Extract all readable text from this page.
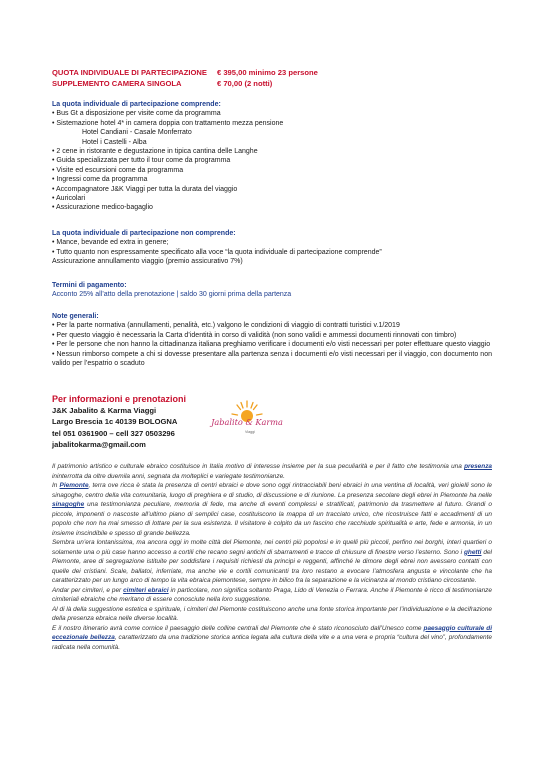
QUOTA INDIVIDUALE DI PARTECIPAZIONE	€ 395,00 minimo 23 persone
SUPPLEMENTO CAMERA SINGOLA	€ 70,00 (2 notti)
La quota individuale di partecipazione comprende:
• Bus Gt a disposizione per visite come da programma
• Sistemazione hotel 4* in camera doppia con trattamento mezza pensione
Hotel Candiani - Casale Monferrato
Hotel i Castelli - Alba
• 2 cene in ristorante e degustazione in tipica cantina delle Langhe
• Guida specializzata per tutto il tour come da programma
• Visite ed escursioni come da programma
• Ingressi come da programma
• Accompagnatore J&K Viaggi per tutta la durata del viaggio
• Auricolari
• Assicurazione medico-bagaglio
La quota individuale di partecipazione non comprende:
• Mance, bevande ed extra in genere;
• Tutto quanto non espressamente specificato alla voce “la quota individuale di partecipazione comprende”
Assicurazione annullamento viaggio (premio assicurativo 7%)
Termini di pagamento:
Acconto 25% all’atto della prenotazione | saldo 30 giorni prima della partenza
Note generali:
• Per la parte normativa (annullamenti, penalità, etc.) valgono le condizioni di viaggio di contratti turistici v.1/2019
• Per questo viaggio è necessaria la Carta d’identità in corso di validità (non sono validi e ammessi documenti rinnovati con timbro)
• Per le persone che non hanno la cittadinanza italiana preghiamo verificare i documenti e/o visti necessari per poter effettuare questo viaggio
• Nessun rimborso compete a chi si dovesse presentare alla partenza senza i documenti e/o visti necessari per il viaggio, con documento non valido per l’espatrio o scaduto
Per informazioni e prenotazioni
J&K Jabalito & Karma Viaggi
Largo Brescia 1c 40139 BOLOGNA
tel 051 0361900 – cell 327 0503296
jabalitokarma@gmail.com
Jabalito & Karma
Viaggi

Il patrimonio artistico e culturale ebraico costituisce in Italia motivo di interesse insieme per la sua peculiarità e per il fatto che testimonia una presenza ininterrotta da oltre duemila anni, segnata da molteplici e variegate testimonianze.

In Piemonte, terra ove ricca è stata la presenza di centri ebraici e dove sono oggi rintracciabili beni ebraici in una ventina di località, veri gioielli sono le sinagoghe, centro della vita comunitaria, luogo di preghiera e di studio, di discussione e di riunione. La presenza secolare degli ebrei in Piemonte ha nelle sinagoghe una testimonianza peculiare, memoria di fede, ma anche di eventi complessi e stratificati, patrimonio da trasmettere al futuro. Grandi o piccole, imponenti o nascoste all’ultimo piano di semplici case, costituiscono la mappa di un tracciato unico, che ricostruisce fatti e accadimenti di un popolo che non ha mai smesso di lottare per la sua esistenza. Il visitatore è colpito da un fascino che racchiude spiritualità e arte, fede e armonia, in un insieme inscindibile e spesso di grande bellezza.

Sembra un’era lontanissima, ma ancora oggi in molte città del Piemonte, nei centri più popolosi e in quelli più piccoli, perfino nei borghi, interi quartieri o solamente una o più case hanno accesso a cortili che recano segni antichi di sbarramenti e tracce di chiusure di finestre verso l’esterno. Sono i ghetti del Piemonte, aree di segregazione istituite per soddisfare i requisiti richiesti da principi e reggenti, affinché le dimore degli ebrei non avessero contatti con quelle dei cristiani. Scale, ballatoi, inferriate, ma anche vie e cortili comunicanti tra loro restano a evocare l’atmosfera angusta e vincolante che ha caratterizzato per un lungo arco di tempo la vita ebraica piemontese, sempre in bilico fra la separazione e la vicinanza al mondo cristiano circostante.

Andar per cimiteri, e per cimiteri ebraici in particolare, non significa soltanto Praga, Lido di Venezia o Ferrara. Anche il Piemonte è ricco di testimonianze cimiteriali ebraiche che meritano di essere conosciute nella loro suggestione.

Al di là della suggestione estetica e spirituale, i cimiteri del Piemonte costituiscono anche una fonte storica importante per l’individuazione e la decifrazione della presenza ebraica nelle diverse località.

E il nostro itinerario avrà come cornice il paesaggio delle colline centrali del Piemonte che è stato riconosciuto dall’Unesco come paesaggio culturale di eccezionale bellezza, caratterizzato da una tradizione storica antica legata alla cultura della vite e a una vera e propria “cultura del vino”, profondamente radicata nella comunità.
